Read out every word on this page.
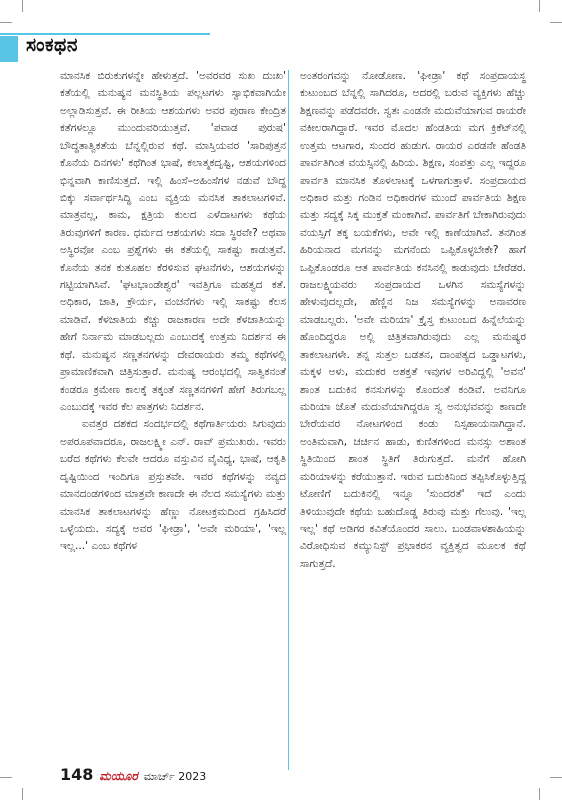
ಸಂಕಥನ

ಮಾನಸಿಕ ಬಿರುಕುಗಳನ್ನೇ ಹೇಳುತ್ತದೆ. 'ಅವರವರ ಸುಖ ದುಃಖ' ಕತೆಯಲ್ಲಿ ಮನುಷ್ಯನ ಮನಸ್ಥಿತಿಯ ಪಲ್ಲಟಗಳು ಸ್ವಾಭಿಕವಾಗಿಯೇ ಅಲ್ಲಾಡಿಸುತ್ತವೆ. ಈ ರೀತಿಯ ಆಶಯಗಳು ಅವರ ಪುರಾಣ ಕೇಂದ್ರಿತ ಕತೆಗಳಲ್ಲೂ ಮುಂದುವರಿಯುತ್ತವೆ. 'ಪವಾಡ ಪುರುಷ' ಬೌದ್ಧತಾತ್ವಿಕತೆಯ ಬೆನ್ನಲ್ಲಿರುವ ಕಥೆ. ಮಾಸ್ತಿಯವರ 'ಸಾರಿಪುತ್ತನ ಕೊನೆಯ ದಿನಗಳು' ಕಥೆಗಿಂತ ಭಾಷೆ, ಕಲಾತ್ಮಕದೃಷ್ಟಿ, ಆಶಯಗಳಿಂದ ಭಿನ್ನವಾಗಿ ಕಾಣಿಸುತ್ತದೆ. ಇಲ್ಲಿ ಹಿಂಸೆ–ಅಹಿಂಸೆಗಳ ನಡುವೆ ಬೌದ್ಧ ಬಿಕ್ಕು ಸರ್ವಾರ್ಥಸಿದ್ಧಿ ಎಂಬ ವ್ಯಕ್ತಿಯ ಮನಸಿಕ ತಾಕಲಾಟಗಳಿವೆ. ಮಾತ್ರವಲ್ಲ, ಕಾಮ, ಕ್ಷತ್ರಿಯ ಕುಲದ ಎಳೆದಾಟಗಳು ಕಥೆಯ ತಿರುವುಗಳಿಗೆ ಕಾರಣ. ಧರ್ಮದ ಆಶಯಗಳು ಸದಾ ಸ್ಥಿರವೇ? ಅಥವಾ ಅಸ್ಥಿರವೋ ಎಂಬ ಪ್ರಶ್ನೆಗಳು ಈ ಕತೆಯಲ್ಲಿ ಸಾಕಷ್ಟು ಕಾಡುತ್ತವೆ. ಕೊನೆಯ ತನಕ ಕುತೂಹಲ ಕೆರಳಿಸುವ ಘಟನೆಗಳು, ಆಶಯಗಳನ್ನು ಗಟ್ಟಿಯಾಗಿಸಿವೆ. 'ಘಟಭಾಂಡೇಶ್ವರ' ಇವತ್ತಿಗೂ ಮಹತ್ವದ ಕತೆ. ಅಧಿಕಾರ, ಜಾತಿ, ಕ್ರೌರ್ಯ, ವಂಚನೆಗಳು ಇಲ್ಲಿ ಸಾಕಷ್ಟು ಕೆಲಸ ಮಾಡಿವೆ. ಕೆಳಜಾತಿಯ ಕೆಚ್ಚು ರಾಜಕಾರಣ ಅದೇ ಕೆಳಜಾತಿಯನ್ನು ಹೇಗೆ ನಿರ್ನಾಮ ಮಾಡಬಲ್ಲದು ಎಂಬುದಕ್ಕೆ ಉತ್ತಮ ನಿದರ್ಶನ ಈ ಕಥೆ. ಮನುಷ್ಯನ ಸಣ್ಣತನಗಳನ್ನು ದೇವರಾಯರು ತಮ್ಮ ಕಥೆಗಳಲ್ಲಿ ಪ್ರಾಮಾಣಿಕವಾಗಿ ಚಿತ್ರಿಸುತ್ತಾರೆ. ಮನುಷ್ಯ ಆರಂಭದಲ್ಲಿ ಸಾತ್ವಿಕನಂತೆ ಕಂಡರೂ ಕ್ರಮೇಣ ಕಾಲಕ್ಕೆ ತಕ್ಕಂತೆ ಸಣ್ಣತನಗಳಿಗೆ ಹೇಗೆ ತಿರುಗಬಲ್ಲ ಎಂಬುದಕ್ಕೆ ಇವರ ಕೆಲ ಪಾತ್ರಗಳು ನಿದರ್ಶನ.

ಐವತ್ತರ ದಶಕದ ಸಂದರ್ಭದಲ್ಲಿ ಕಥೆಗಾರ್ತಿಯರು ಸಿಗುವುದು ಅಪರೂಪವಾದರೂ, ರಾಜಲಕ್ಷ್ಮೀ ಎನ್. ರಾವ್ ಪ್ರಮುಖರು. ಇವರು ಬರೆದ ಕಥೆಗಳು ಕೆಲವೇ ಆದರೂ ವಸ್ತುವಿನ ವೈವಿಧ್ಯ, ಭಾಷೆ, ಆಕೃತಿ ದೃಷ್ಟಿಯಿಂದ ಇಂದಿಗೂ ಪ್ರಸ್ತುತವೇ. ಇವರ ಕಥೆಗಳನ್ನು ನವ್ಯದ ಮಾನದಂಡಗಳಿಂದ ಮಾತ್ರವೇ ಕಾಣದೇ ಈ ನೆಲದ ಸಮಸ್ಯೆಗಳು ಮತ್ತು ಮಾನಸಿಕ ತಾಕಲಾಟಗಳನ್ನು ಹೆಣ್ಣು ನೋಟಕ್ರಮದಿಂದ ಗ್ರಹಿಸಿದರೆ ಒಳ್ಳೆಯದು. ಸದ್ಯಕ್ಕೆ ಅವರ 'ಘೀಡ್ರಾ', 'ಅವೇ ಮರಿಯಾ', 'ಇಲ್ಲ ಇಲ್ಲ...' ಎಂಬ ಕಥೆಗಳ

ಅಂತರಂಗವನ್ನು ನೋಡೋಣ. 'ಘೀಡ್ರಾ' ಕಥೆ ಸಂಪ್ರದಾಯಸ್ಥ ಕುಟುಂಬದ ಬೆನ್ನಲ್ಲಿ ಸಾಗಿದರೂ, ಅದರಲ್ಲಿ ಬರುವ ವ್ಯಕ್ತಿಗಳು ಹೆಚ್ಚು ಶಿಕ್ಷಣವನ್ನು ಪಡೆದವರೇ. ಸ್ವತಃ ಎಂಡನೇ ಮದುವೆಯಾಗುವ ರಾಯರೇ ವಕೀಲರಾಗಿದ್ದಾರೆ. ಇವರ ಮೊದಲ ಹೆಂಡತಿಯ ಮಗ ಕ್ರಿಕೆಟ್‌ನಲ್ಲಿ ಉತ್ತಮ ಆಟಗಾರ, ಸುಂದರ ಹುಡುಗ. ರಾಯರ ಎರಡನೇ ಹೆಂಡತಿ ಪಾರ್ವತಿಗಿಂತ ವಯಸ್ಸಿನಲ್ಲಿ ಹಿರಿಯ. ಶಿಕ್ಷಣ, ಸಂಪತ್ತು ಎಲ್ಲ ಇದ್ದರೂ ಪಾರ್ವತಿ ಮಾನಸಿಕ ತೊಳಲಾಟಕ್ಕೆ ಒಳಗಾಗುತ್ತಾಳೆ. ಸಂಪ್ರದಾಯದ ಅಧಿಕಾರ ಮತ್ತು ಗಂಡಿನ ಅಧಿಕಾರಗಳ ಮುಂದೆ ಪಾರ್ವತಿಯ ಶಿಕ್ಷಣ ಮತ್ತು ಸದ್ಯಕ್ಕೆ ಸಿಕ್ಕ ಮುಕ್ತತೆ ಮಂಕಾಗಿವೆ. ಪಾರ್ವತಿಗೆ ಬೇಕಾಗಿರುವುದು ವಯಸ್ಸಿಗೆ ತಕ್ಕ ಬಯಕೆಗಳು, ಅವೇ ಇಲ್ಲಿ ಕಾಣೆಯಾಗಿವೆ. ತನಗಿಂತ ಹಿರಿಯನಾದ ಮಗನನ್ನು ಮಗನೆಂದು ಒಪ್ಪಿಕೊಳ್ಳಬೇಕೇ? ಹಾಗೆ ಒಪ್ಪಿಕೊಂಡರೂ ಆತ ಪಾರ್ವತಿಯ ಕನಸಿನಲ್ಲಿ ಕಾಡುವುದು ಬೇರೆಡರ. ರಾಜಲಕ್ಷ್ಮಿಯವರು ಸಂಪ್ರದಾಯದ ಒಳಗಿನ ಸಮಸ್ಯೆಗಳನ್ನು ಹೇಳುವುದಲ್ಲದೇ, ಹೆಣ್ಣಿನ ನಿಜ ಸಮಸ್ಯೆಗಳನ್ನು ಅನಾವರಣ ಮಾಡಬಲ್ಲರು. 'ಅವೇ ಮರಿಯಾ' ಕ್ರೈಸ್ತ ಕುಟುಂಬದ ಹಿನ್ನೆಲೆಯನ್ನು ಹೊಂದಿದ್ದರೂ ಅಲ್ಲಿ ಚಿತ್ರಿತವಾಗಿರುವುದು ಎಲ್ಲ ಮನುಷ್ಯರ ತಾಕಲಾಟಗಳೇ. ತನ್ನ ಸುತ್ತಲ ಬಡತನ, ದಾಂಪತ್ಯದ ಒಡ್ಡಾಟಗಳು, ಮಕ್ಕಳ ಅಳು, ಮದುಕರ ಅಶಕ್ತತೆ ಇವುಗಳ ಅರಿವಿದ್ದಲ್ಲಿ 'ಅವನ' ಶಾಂತ ಬದುಕಿನ ಕನಸುಗಳನ್ನು ಕೊಂದಂತೆ ಕಂಡಿವೆ. ಅವನಿಗೂ ಮರಿಯಾ ಜೊತೆ ಮದುವೆಯಾಗಿದ್ದರೂ ಸ್ವ ಅನುಭವವನ್ನು ಕಾಣದೇ ಬೇರೆಯವರ ನೋಟಗಳಿಂದ ಕಂಡು ನಿಸ್ಸಹಾಯನಾಗಿದ್ದಾನೆ. ಅಂತಿಮವಾಗಿ, ಚರ್ಚಿನ ಹಾಡು, ಕುಣಿತಗಳಿಂದ ಮನಸ್ಸು ಅಶಾಂತ ಸ್ಥಿತಿಯಿಂದ ಶಾಂತ ಸ್ಥಿತಿಗೆ ತಿರುಗುತ್ತದೆ. ಮನೆಗೆ ಹೋಗಿ ಮರಿಯಾಳನ್ನು ಕರೆಯುತ್ತಾನೆ. ಇರುವ ಬದುಕಿನಿಂದ ತಪ್ಪಿಸಿಕೊಳ್ಳುತ್ತಿದ್ದ ಟೋಣಿಗೆ ಬದುಕಿನಲ್ಲಿ ಇನ್ನೂ 'ಸುಂದರತೆ' ಇದೆ ಎಂದು ತಿಳಿಯುವುದೇ ಕಥೆಯ ಬಹುದೊಡ್ಡ ತಿರುವು ಮತ್ತು ಗೆಲುವು. 'ಇಲ್ಲ ಇಲ್ಲ' ಕಥೆ ಅಡಿಗರ ಕವಿತೆಯೊಂದರ ಸಾಲು. ಬಂಡವಾಳಶಾಹಿಯನ್ನು ವಿರೋಧಿಸುವ ಕಮ್ಯುನಿಸ್ಟ್ ಪ್ರಭಾಕರನ ವ್ಯಕ್ತಿತ್ವದ ಮೂಲಕ ಕಥೆ ಸಾಗುತ್ತದೆ.

148 ಮಯೂರ ಮಾರ್ಚ್ 2023
